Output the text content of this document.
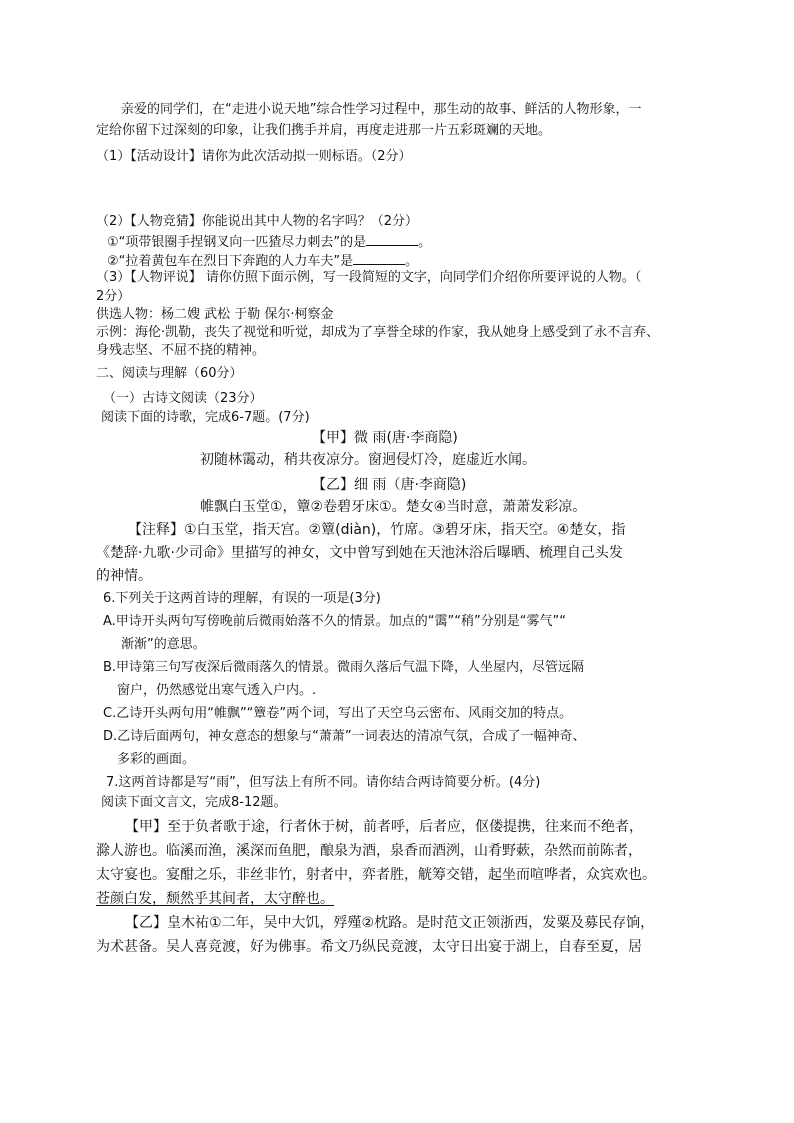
亲爱的同学们，在“走进小说天地”综合性学习过程中，那生动的故事、鲜活的人物形象，一
定给你留下过深刻的印象，让我们携手并肩，再度走进那一片五彩斑斓的天地。
（1）【活动设计】请你为此次活动拟一则标语。（2分）
（2）【人物竞猜】你能说出其中人物的名字吗？（2分）
①“项带银圈手捏钢叉向一匹猹尽力刺去”的是	。
②“拉着黄包车在烈日下奔跑的人力车夫”是	。
（3）【人物评说】 请你仿照下面示例，写一段简短的文字，向同学们介绍你所要评说的人物。（
2分）
供选人物：杨二嫂 武松 于勒 保尔·柯察金
示例：海伦·凯勒，丧失了视觉和听觉，却成为了享誉全球的作家，我从她身上感受到了永不言弃、
身残志坚、不屈不挠的精神。
二、阅读与理解（60分）
（一）古诗文阅读（23分）
阅读下面的诗歌，完成6-7题。(7分)
【甲】微 雨(唐·李商隐)
初随林霭动，稍共夜凉分。窗迥侵灯冷，庭虚近水闻。
【乙】细 雨（唐·李商隐)
帷飘白玉堂①，簟②卷碧牙床①。楚女④当时意，萧萧发彩凉。
【注释】①白玉堂，指天宫。②簟(diàn)，竹席。③碧牙床，指天空。④楚女，指
《楚辞·九歌·少司命》里描写的神女，文中曾写到她在天池沐浴后曝晒、梳理自己头发
的神情。
6.下列关于这两首诗的理解，有误的一项是(3分)
A.甲诗开头两句写傍晚前后微雨始落不久的情景。加点的“霭”“稍”分别是“雾气”“
渐渐”的意思。
B.甲诗第三句写夜深后微雨落久的情景。微雨久落后气温下降，人坐屋内，尽管远隔
窗户，仍然感觉出寒气透入户内。.
C.乙诗开头两句用“帷飘”“簟卷”两个词，写出了天空乌云密布、风雨交加的特点。
D.乙诗后面两句，神女意态的想象与“萧萧”一词表达的清凉气氛，合成了一幅神奇、
多彩的画面。
7.这两首诗都是写“雨”，但写法上有所不同。请你结合两诗简要分析。(4分)
阅读下面文言文，完成8-12题。
【甲】至于负者歌于途，行者休于树，前者呼，后者应，伛偻提携，往来而不绝者，
滁人游也。临溪而渔，溪深而鱼肥，酿泉为酒，泉香而酒洌，山肴野蔌，杂然而前陈者，
太守宴也。宴酣之乐，非丝非竹，射者中，弈者胜，觥筹交错，起坐而喧哗者，众宾欢也。
苍颜白发，颓然乎其间者，太守醉也。
【乙】皇木祐①二年，吴中大饥，殍殣②枕路。是时范文正领浙西，发粟及募民存饷，
为术甚备。吴人喜竞渡，好为佛事。希文乃纵民竞渡，太守日出宴于湖上，自春至夏，居
